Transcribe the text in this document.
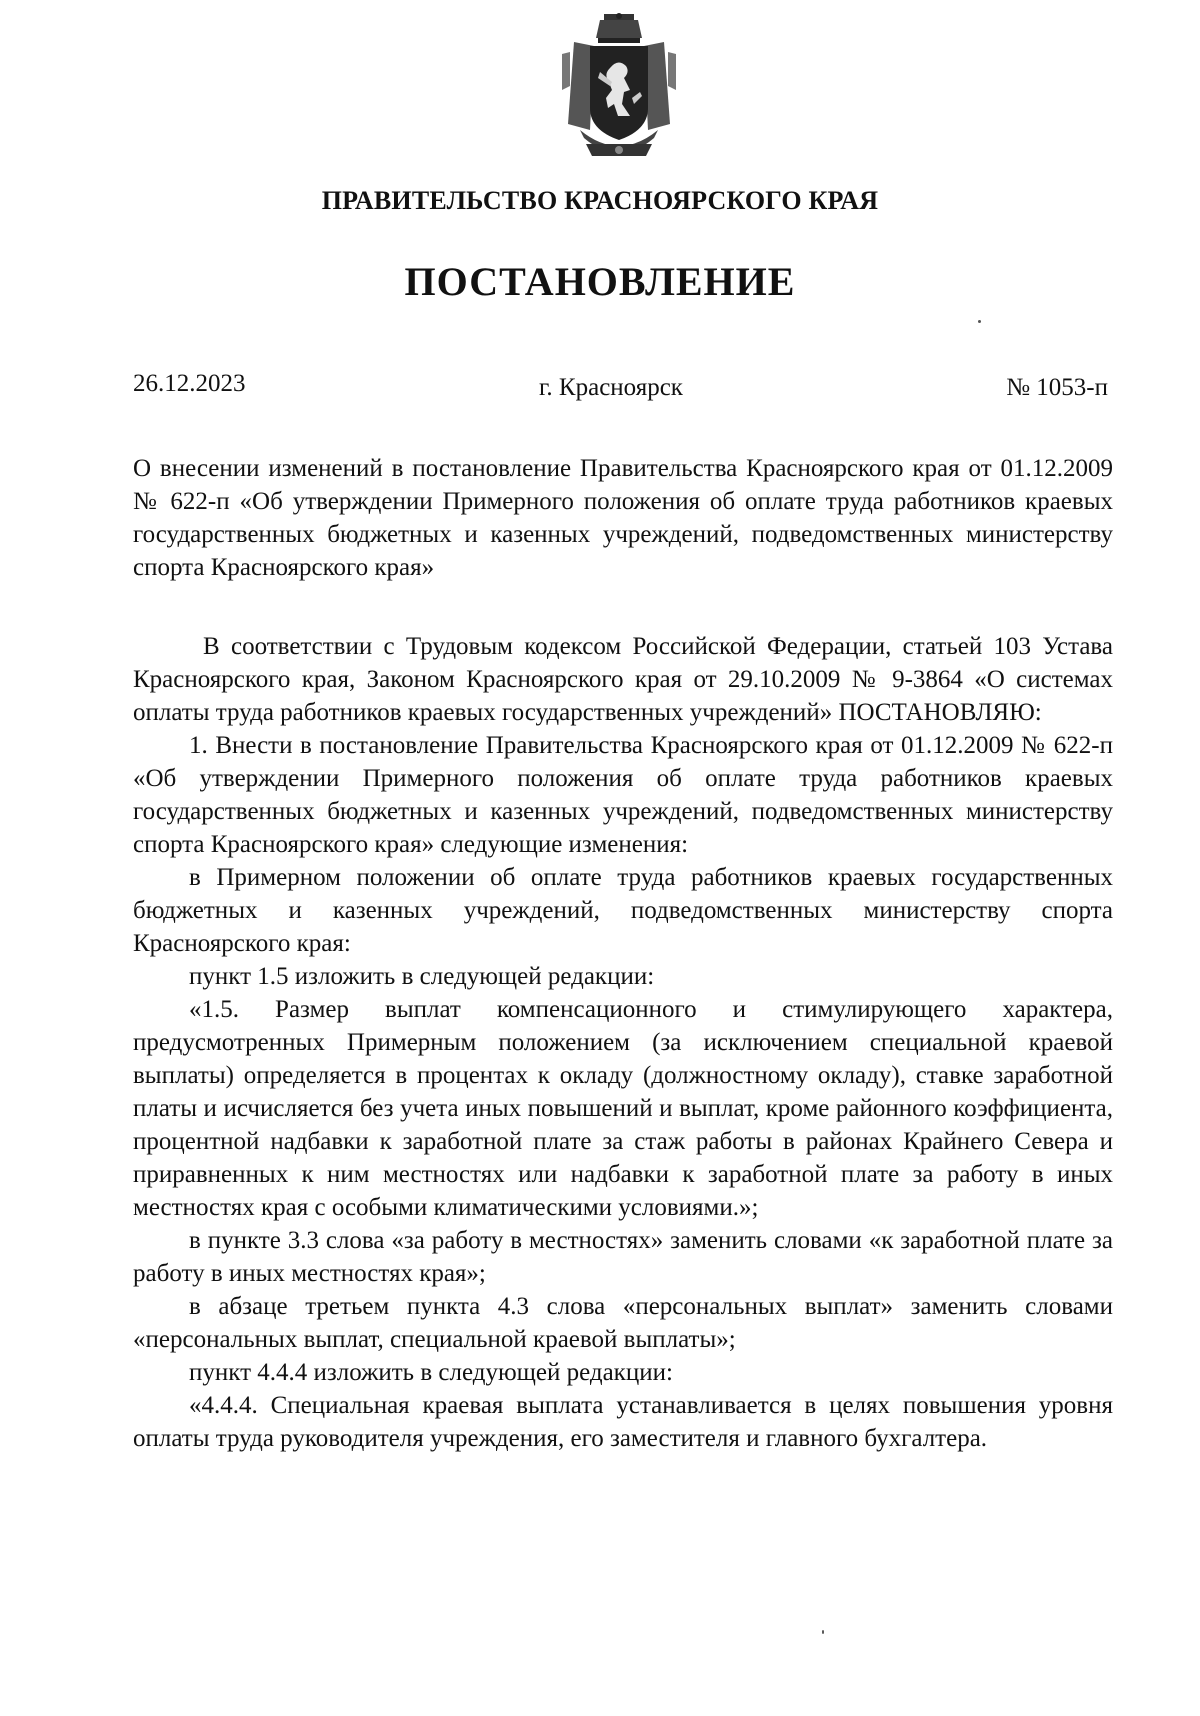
ПРАВИТЕЛЬСТВО КРАСНОЯРСКОГО КРАЯ
ПОСТАНОВЛЕНИЕ
26.12.2023	г. Красноярск	№ 1053-п
О внесении изменений в постановление Правительства Красноярского края от 01.12.2009 № 622-п «Об утверждении Примерного положения об оплате труда работников краевых государственных бюджетных и казенных учреждений, подведомственных министерству спорта Красноярского края»

В соответствии с Трудовым кодексом Российской Федерации, статьей 103 Устава Красноярского края, Законом Красноярского края от 29.10.2009 № 9-3864 «О системах оплаты труда работников краевых государственных учреждений» ПОСТАНОВЛЯЮ:

1. Внести в постановление Правительства Красноярского края от 01.12.2009 № 622-п «Об утверждении Примерного положения об оплате труда работников краевых государственных бюджетных и казенных учреждений, подведомственных министерству спорта Красноярского края» следующие изменения:

в Примерном положении об оплате труда работников краевых государственных бюджетных и казенных учреждений, подведомственных министерству спорта Красноярского края:

пункт 1.5 изложить в следующей редакции:

«1.5. Размер выплат компенсационного и стимулирующего характера, предусмотренных Примерным положением (за исключением специальной краевой выплаты) определяется в процентах к окладу (должностному окладу), ставке заработной платы и исчисляется без учета иных повышений и выплат, кроме районного коэффициента, процентной надбавки к заработной плате за стаж работы в районах Крайнего Севера и приравненных к ним местностях или надбавки к заработной плате за работу в иных местностях края с особыми климатическими условиями.»;

в пункте 3.3 слова «за работу в местностях» заменить словами «к заработной плате за работу в иных местностях края»;

в абзаце третьем пункта 4.3 слова «персональных выплат» заменить словами «персональных выплат, специальной краевой выплаты»;

пункт 4.4.4 изложить в следующей редакции:

«4.4.4. Специальная краевая выплата устанавливается в целях повышения уровня оплаты труда руководителя учреждения, его заместителя и главного бухгалтера.
